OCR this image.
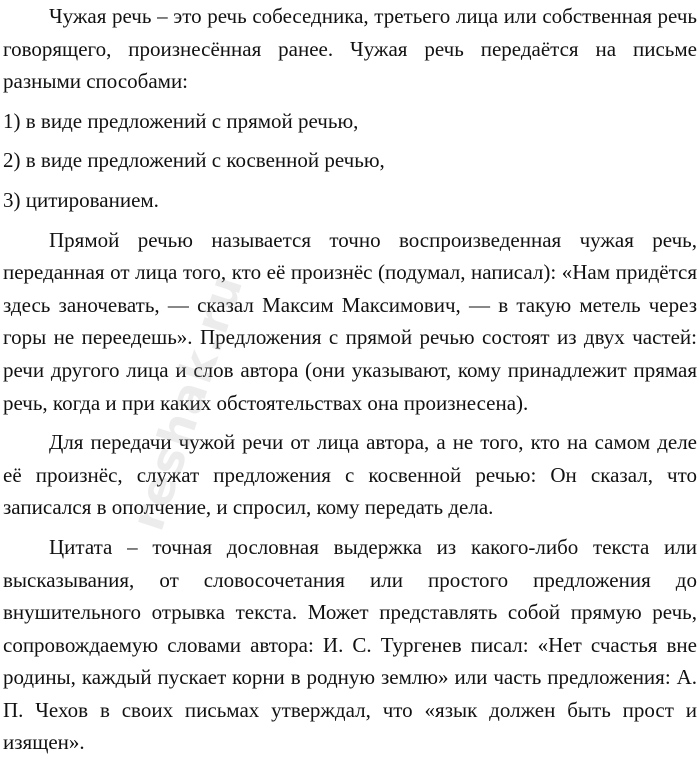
Чужая речь – это речь собеседника, третьего лица или собственная речь говорящего, произнесённая ранее. Чужая речь передаётся на письме разными способами:

1) в виде предложений с прямой речью,

2) в виде предложений с косвенной речью,

3) цитированием.

Прямой речью называется точно воспроизведенная чужая речь, переданная от лица того, кто её произнёс (подумал, написал): «Нам придётся здесь заночевать, — сказал Максим Максимович, — в такую метель через горы не переедешь». Предложения с прямой речью состоят из двух частей: речи другого лица и слов автора (они указывают, кому принадлежит прямая речь, когда и при каких обстоятельствах она произнесена).

Для передачи чужой речи от лица автора, а не того, кто на самом деле её произнёс, служат предложения с косвенной речью: Он сказал, что записался в ополчение, и спросил, кому передать дела.

Цитата – точная дословная выдержка из какого-либо текста или высказывания, от словосочетания или простого предложения до внушительного отрывка текста. Может представлять собой прямую речь, сопровождаемую словами автора: И. С. Тургенев писал: «Нет счастья вне родины, каждый пускает корни в родную землю» или часть предложения: А. П. Чехов в своих письмах утверждал, что «язык должен быть прост и изящен».

reshak.ru
